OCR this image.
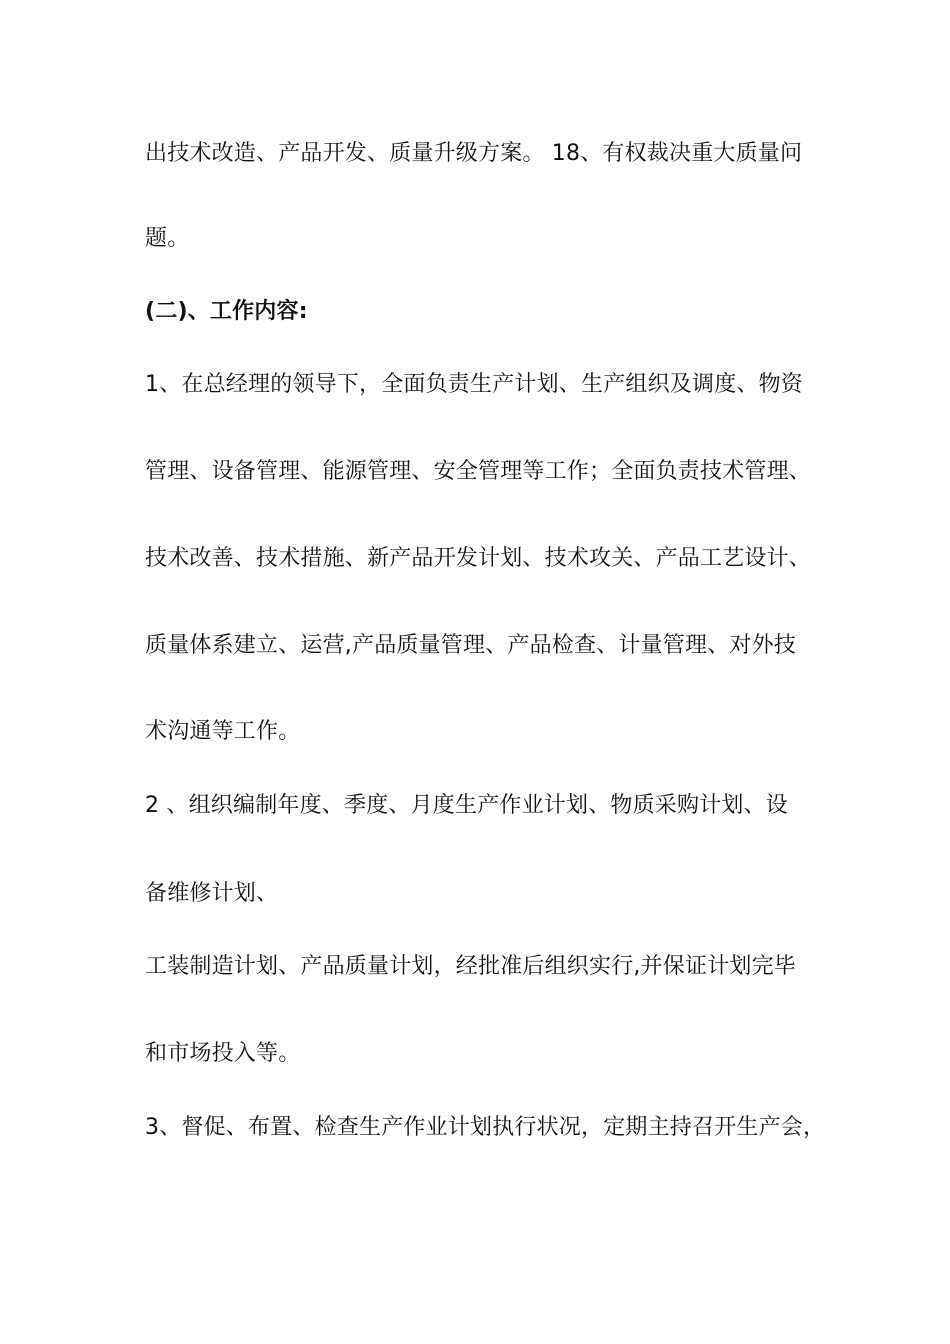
出技术改造、产品开发、质量升级方案。 18、有权裁决重大质量问
题。
(二)、工作内容:
1、在总经理的领导下，全面负责生产计划、生产组织及调度、物资
管理、设备管理、能源管理、安全管理等工作；全面负责技术管理、
技术改善、技术措施、新产品开发计划、技术攻关、产品工艺设计、
质量体系建立、运营,产品质量管理、产品检查、计量管理、对外技
术沟通等工作。
2 、组织编制年度、季度、月度生产作业计划、物质采购计划、设
备维修计划、
工装制造计划、产品质量计划，经批准后组织实行,并保证计划完毕
和市场投入等。
3、督促、布置、检查生产作业计划执行状况，定期主持召开生产会，
